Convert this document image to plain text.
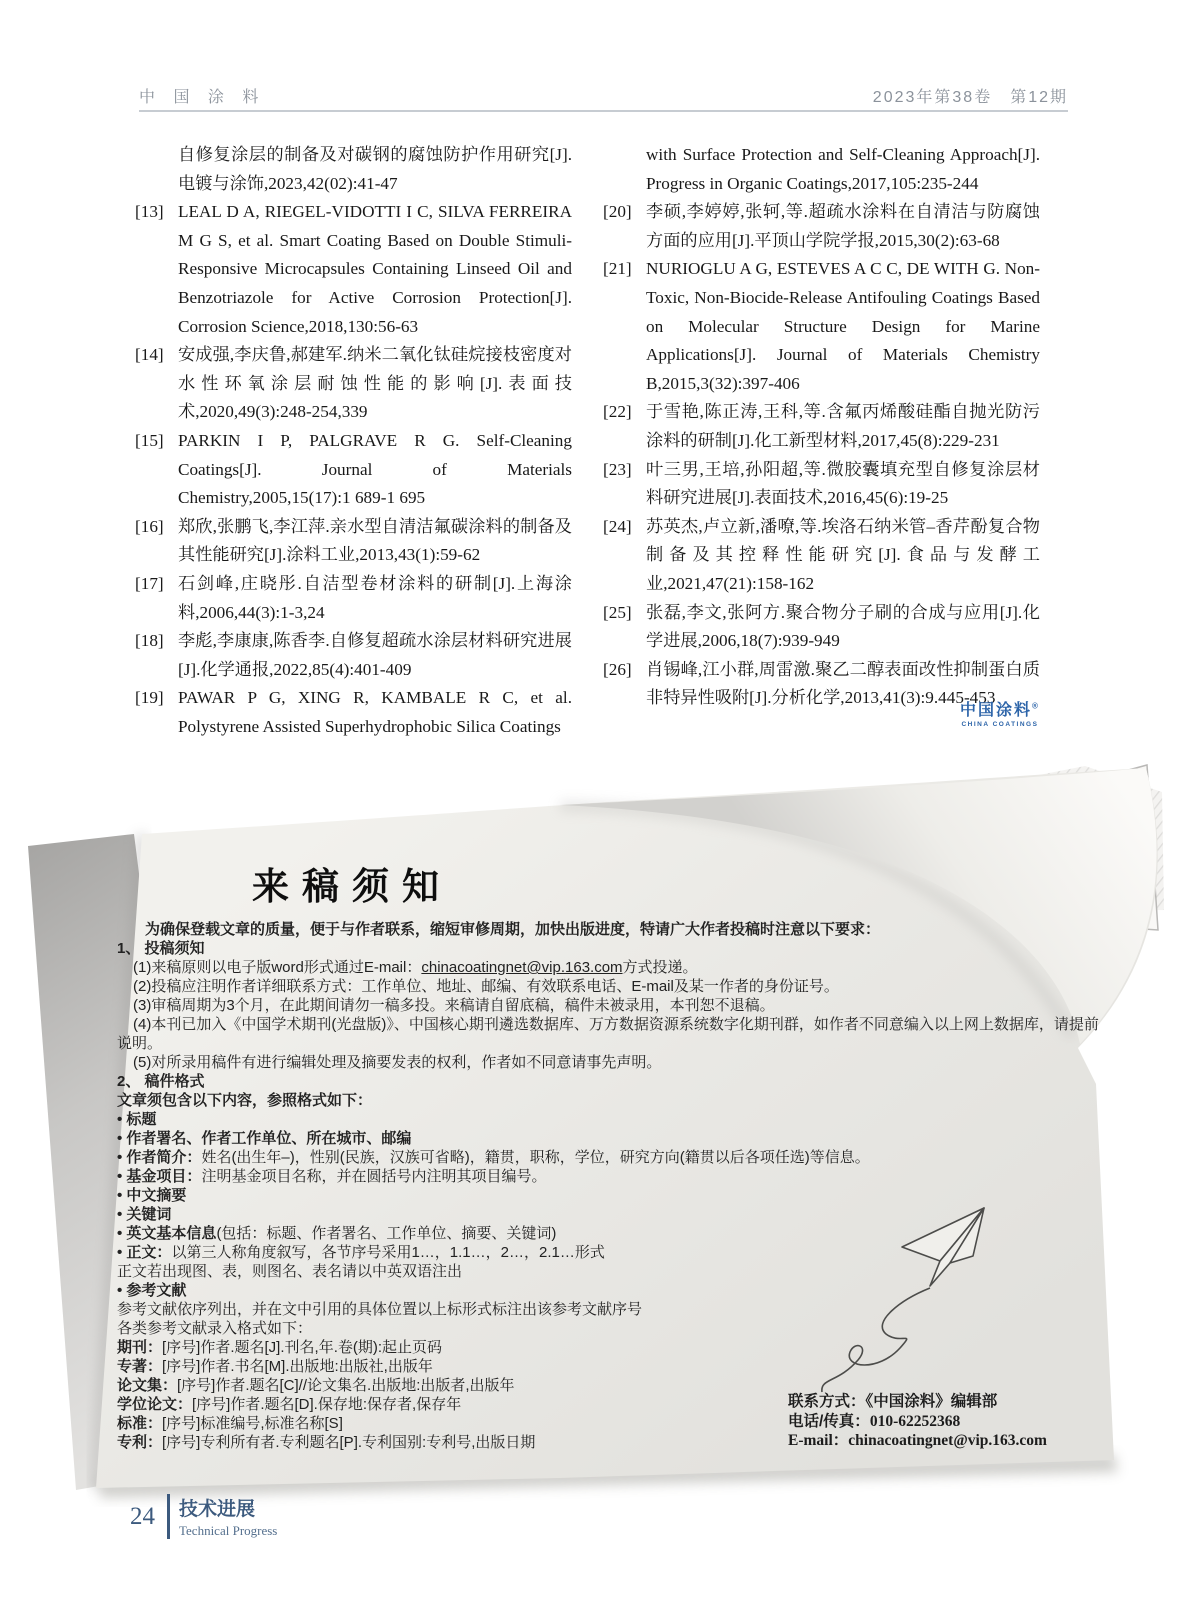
中 国 涂 料	2023年第38卷　第12期
自修复涂层的制备及对碳钢的腐蚀防护作用研究[J].电镀与涂饰,2023,42(02):41-47
[13] LEAL D A, RIEGEL-VIDOTTI I C, SILVA FERREIRA M G S, et al. Smart Coating Based on Double Stimuli-Responsive Microcapsules Containing Linseed Oil and Benzotriazole for Active Corrosion Protection[J]. Corrosion Science,2018,130:56-63
[14] 安成强,李庆鲁,郝建军.纳米二氧化钛硅烷接枝密度对水性环氧涂层耐蚀性能的影响[J].表面技术,2020,49(3):248-254,339
[15] PARKIN I P, PALGRAVE R G. Self-Cleaning Coatings[J]. Journal of Materials Chemistry,2005,15(17):1 689-1 695
[16] 郑欣,张鹏飞,李江萍.亲水型自清洁氟碳涂料的制备及其性能研究[J].涂料工业,2013,43(1):59-62
[17] 石剑峰,庄晓彤.自洁型卷材涂料的研制[J].上海涂料,2006,44(3):1-3,24
[18] 李彪,李康康,陈香李.自修复超疏水涂层材料研究进展[J].化学通报,2022,85(4):401-409
[19] PAWAR P G, XING R, KAMBALE R C, et al. Polystyrene Assisted Superhydrophobic Silica Coatings
with Surface Protection and Self-Cleaning Approach[J]. Progress in Organic Coatings,2017,105:235-244
[20] 李硕,李婷婷,张轲,等.超疏水涂料在自清洁与防腐蚀方面的应用[J].平顶山学院学报,2015,30(2):63-68
[21] NURIOGLU A G, ESTEVES A C C, DE WITH G. Non-Toxic, Non-Biocide-Release Antifouling Coatings Based on Molecular Structure Design for Marine Applications[J]. Journal of Materials Chemistry B,2015,3(32):397-406
[22] 于雪艳,陈正涛,王科,等.含氟丙烯酸硅酯自抛光防污涂料的研制[J].化工新型材料,2017,45(8):229-231
[23] 叶三男,王培,孙阳超,等.微胶囊填充型自修复涂层材料研究进展[J].表面技术,2016,45(6):19-25
[24] 苏英杰,卢立新,潘嘹,等.埃洛石纳米管–香芹酚复合物制备及其控释性能研究[J].食品与发酵工业,2021,47(21):158-162
[25] 张磊,李文,张阿方.聚合物分子刷的合成与应用[J].化学进展,2006,18(7):939-949
[26] 肖锡峰,江小群,周雷激.聚乙二醇表面改性抑制蛋白质非特异性吸附[J].分析化学,2013,41(3):9.445-453
中国涂料®
CHINA COATINGS
来稿须知

为确保登载文章的质量，便于与作者联系，缩短审修周期，加快出版进度，特请广大作者投稿时注意以下要求：

1、 投稿须知

(1)来稿原则以电子版word形式通过E-mail：chinacoatingnet@vip.163.com方式投递。

(2)投稿应注明作者详细联系方式：工作单位、地址、邮编、有效联系电话、E-mail及某一作者的身份证号。

(3)审稿周期为3个月，在此期间请勿一稿多投。来稿请自留底稿，稿件未被录用，本刊恕不退稿。

(4)本刊已加入《中国学术期刊(光盘版)》、中国核心期刊遴选数据库、万方数据资源系统数字化期刊群，如作者不同意编入以上网上数据库，请提前说明。

(5)对所录用稿件有进行编辑处理及摘要发表的权利，作者如不同意请事先声明。

2、 稿件格式

文章须包含以下内容，参照格式如下：

• 标题

• 作者署名、作者工作单位、所在城市、邮编

• 作者简介：姓名(出生年–)，性别(民族，汉族可省略)，籍贯，职称，学位，研究方向(籍贯以后各项任选)等信息。

• 基金项目：注明基金项目名称，并在圆括号内注明其项目编号。

• 中文摘要

• 关键词

• 英文基本信息(包括：标题、作者署名、工作单位、摘要、关键词)

• 正文：以第三人称角度叙写，各节序号采用1…，1.1…，2…，2.1…形式

正文若出现图、表，则图名、表名请以中英双语注出

• 参考文献

参考文献依序列出，并在文中引用的具体位置以上标形式标注出该参考文献序号

各类参考文献录入格式如下：

期刊：[序号]作者.题名[J].刊名,年.卷(期):起止页码

专著：[序号]作者.书名[M].出版地:出版社,出版年

论文集：[序号]作者.题名[C]//论文集名.出版地:出版者,出版年

学位论文：[序号]作者.题名[D].保存地:保存者,保存年

标准：[序号]标准编号,标准名称[S]

专利：[序号]专利所有者.专利题名[P].专利国别:专利号,出版日期

联系方式：《中国涂料》编辑部
电话/传真：010-62252368
E-mail：chinacoatingnet@vip.163.com
24 技术进展
Technical Progress
